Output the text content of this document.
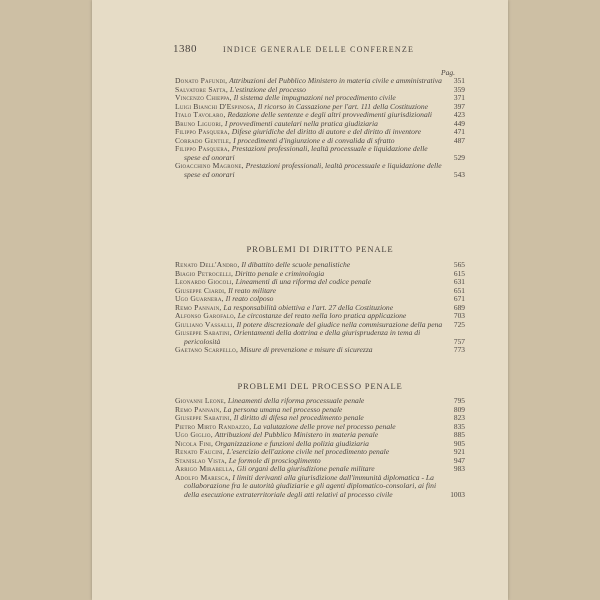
1380	INDICE GENERALE DELLE CONFERENZE
Pag.
Donato Pafundi, Attribuzioni del Pubblico Ministero in materia civile e amministrativa	351
Salvatore Satta, L'estinzione del processo	359
Vincenzo Chieppa, Il sistema delle impugnazioni nel procedimento civile	371
Luigi Bianchi D'Espinosa, Il ricorso in Cassazione per l'art. 111 della Costituzione	397
Italo Tavolaro, Redazione delle sentenze e degli altri provvedimenti giurisdizionali	423
Bruno Liguori, I provvedimenti cautelari nella pratica giudiziaria	449
Filippo Pasquera, Difese giuridiche del diritto di autore e del diritto di inventore	471
Corrado Gentile, I procedimenti d'ingiunzione e di convalida di sfratto	487
Filippo Pasquera, Prestazioni professionali, lealtà processuale e liquidazione delle spese ed onorari	529
Gioacchino Magrone, Prestazioni professionali, lealtà processuale e liquidazione delle spese ed onorari	543
PROBLEMI DI DIRITTO PENALE
Renato Dell'Andro, Il dibattito delle scuole penalistiche	565
Biagio Petrocelli, Diritto penale e criminologia	615
Leonardo Giocoli, Lineamenti di una riforma del codice penale	631
Giuseppe Ciardi, Il reato militare	651
Ugo Guarnera, Il reato colposo	671
Remo Pannain, La responsabilità obiettiva e l'art. 27 della Costituzione	689
Alfonso Garofalo, Le circostanze del reato nella loro pratica applicazione	703
Giuliano Vassalli, Il potere discrezionale del giudice nella commisurazione della pena	725
Giuseppe Sabatini, Orientamenti della dottrina e della giurisprudenza in tema di pericolosità	757
Gaetano Scarpello, Misure di prevenzione e misure di sicurezza	773
PROBLEMI DEL PROCESSO PENALE
Giovanni Leone, Lineamenti della riforma processuale penale	795
Remo Pannain, La persona umana nel processo penale	809
Giuseppe Sabatini, Il diritto di difesa nel procedimento penale	823
Pietro Mirto Randazzo, La valutazione delle prove nel processo penale	835
Ugo Giglio, Attribuzioni del Pubblico Ministero in materia penale	885
Nicola Fini, Organizzazione e funzioni della polizia giudiziaria	905
Renato Faucini, L'esercizio dell'azione civile nel procedimento penale	921
Stanislao Vista, Le formole di proscioglimento	947
Arrigo Mirabella, Gli organi della giurisdizione penale militare	983
Adolfo Maresca, I limiti derivanti alla giurisdizione dall'immunità diplomatica - La collaborazione fra le autorità giudiziarie e gli agenti diplomatico-consolari, ai fini della esecuzione extraterritoriale degli atti relativi al processo civile	1003
